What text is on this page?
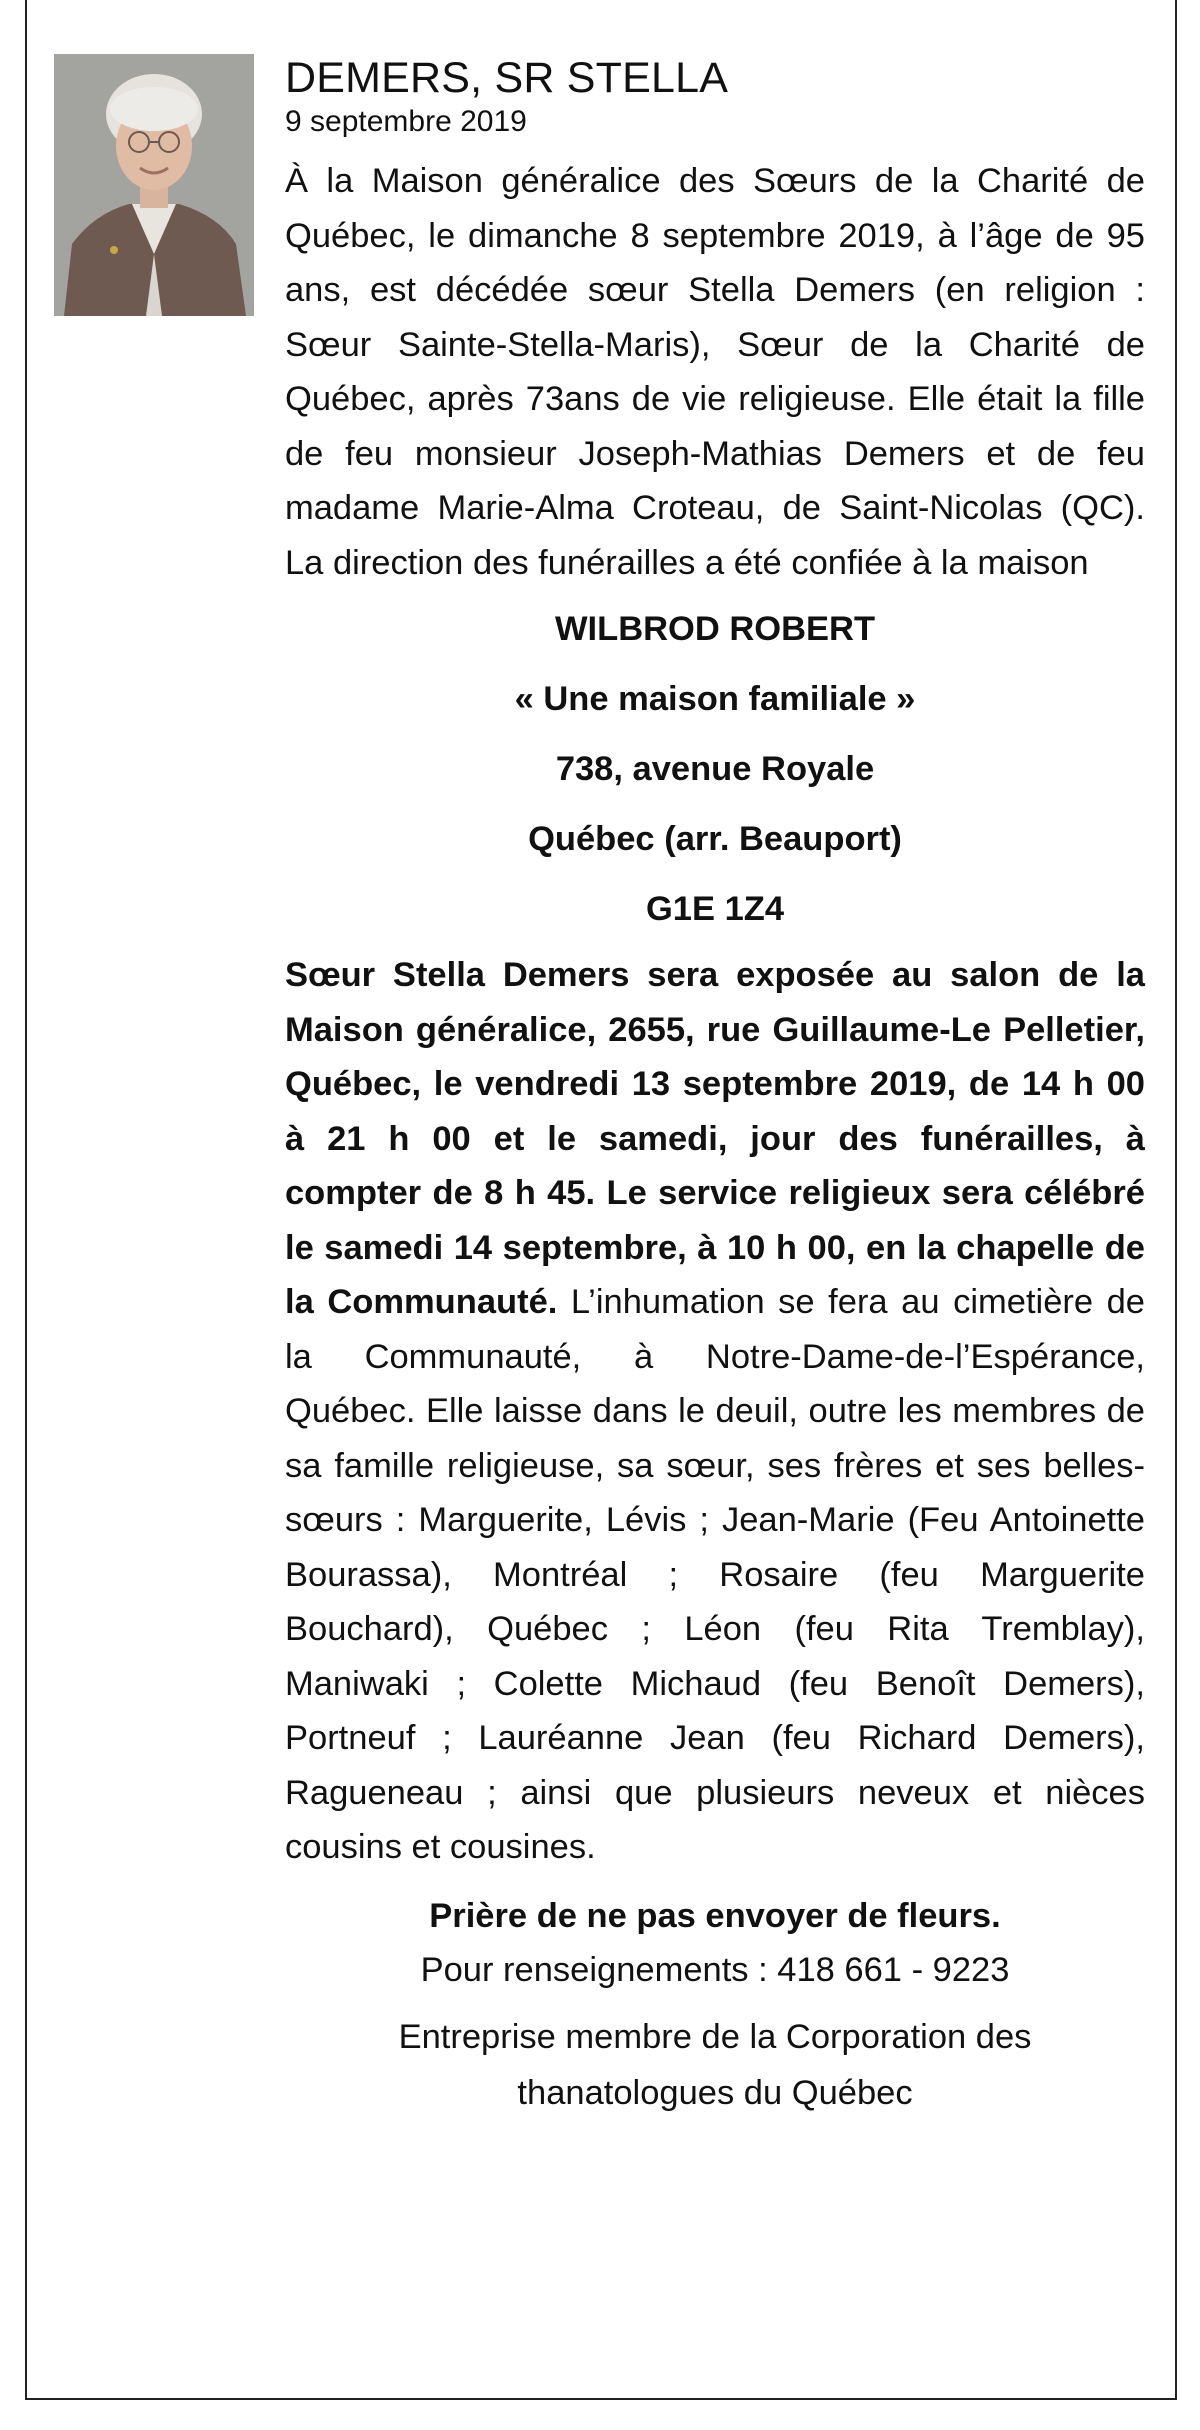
DEMERS, SR STELLA

9 septembre 2019

À la Maison généralice des Sœurs de la Charité de Québec, le dimanche 8 septembre 2019, à l’âge de 95 ans, est décédée sœur Stella Demers (en religion : Sœur Sainte-Stella-Maris), Sœur de la Charité de Québec, après 73ans de vie religieuse. Elle était la fille de feu monsieur Joseph-Mathias Demers et de feu madame Marie-Alma Croteau, de Saint-Nicolas (QC). La direction des funérailles a été confiée à la maison

WILBROD ROBERT

« Une maison familiale »

738, avenue Royale

Québec (arr. Beauport)

G1E 1Z4

Sœur Stella Demers sera exposée au salon de la Maison généralice, 2655, rue Guillaume-Le Pelletier, Québec, le vendredi 13 septembre 2019, de 14 h 00 à 21 h 00 et le samedi, jour des funérailles, à compter de 8 h 45. Le service religieux sera célébré le samedi 14 septembre, à 10 h 00, en la chapelle de la Communauté. L’inhumation se fera au cimetière de la Communauté, à Notre-Dame-de-l’Espérance, Québec. Elle laisse dans le deuil, outre les membres de sa famille religieuse, sa sœur, ses frères et ses belles-sœurs : Marguerite, Lévis ; Jean-Marie (Feu Antoinette Bourassa), Montréal ; Rosaire (feu Marguerite Bouchard), Québec ; Léon (feu Rita Tremblay), Maniwaki ; Colette Michaud (feu Benoît Demers), Portneuf ; Lauréanne Jean (feu Richard Demers), Ragueneau ; ainsi que plusieurs neveux et nièces cousins et cousines.

Prière de ne pas envoyer de fleurs.

Pour renseignements : 418 661 - 9223

Entreprise membre de la Corporation des
thanatologues du Québec
